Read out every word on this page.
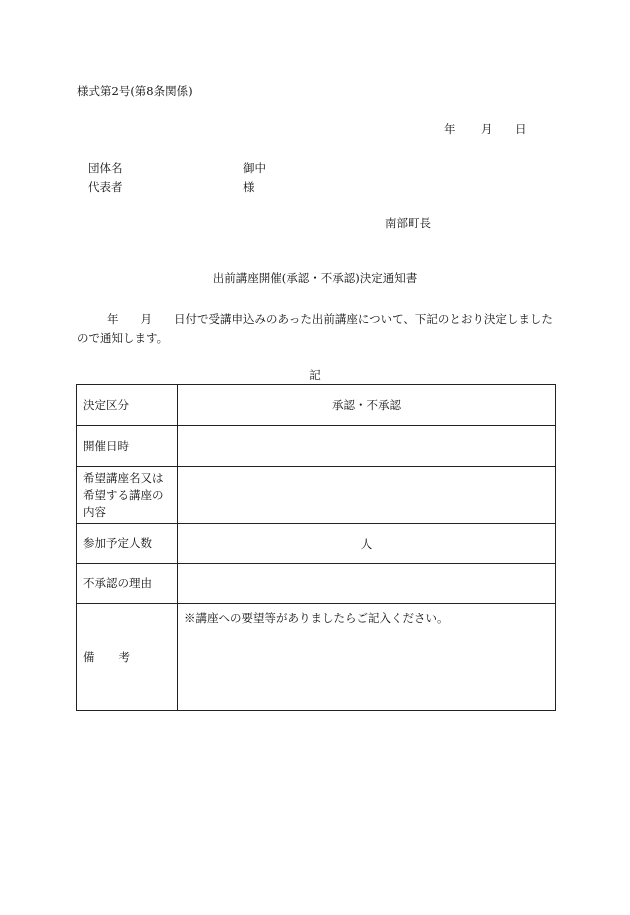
様式第2号(第8条関係)
年 月 日
団体名	御中
代表者	様
南部町長
出前講座開催(承認・不承認)決定通知書
年 月 日付で受講申込みのあった出前講座について、下記のとおり決定しましたので通知します。
記
決定区分	承認・不承認
開催日時	
希望講座名又は希望する講座の内容	
参加予定人数	人
不承認の理由	
備 考	※講座への要望等がありましたらご記入ください。
